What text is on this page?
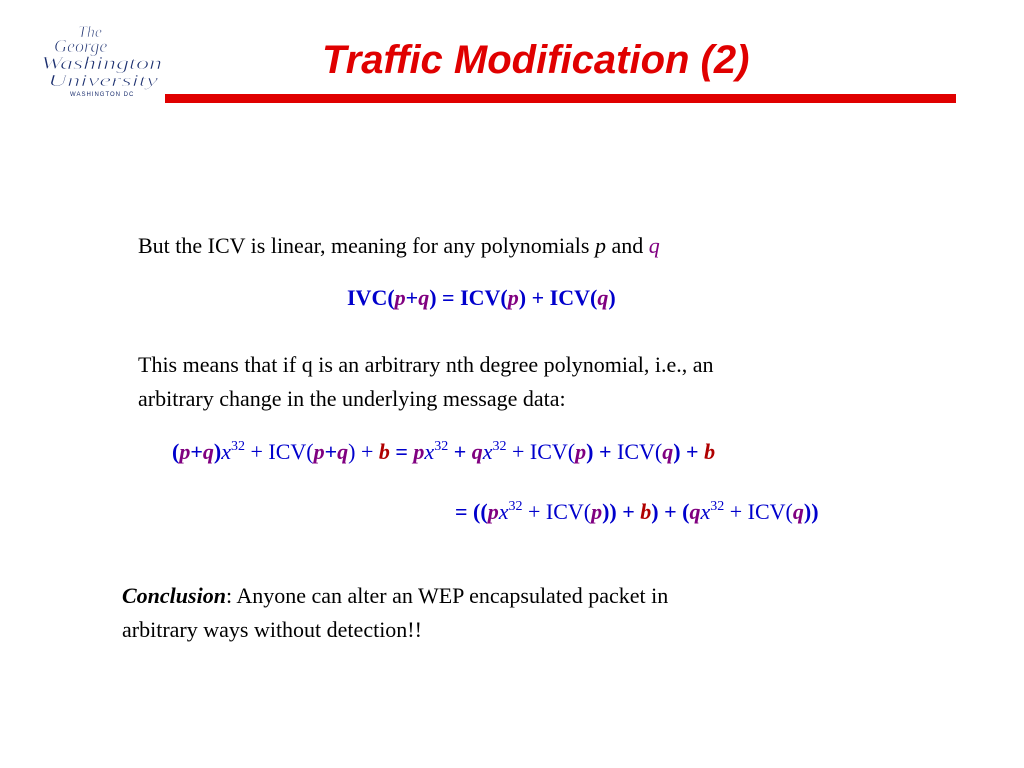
The
George
Washington
University
WASHINGTON DC
Traffic Modification (2)
But the ICV is linear, meaning for any polynomials p and q
IVC(p+q) = ICV(p) + ICV(q)
This means that if q is an arbitrary nth degree polynomial, i.e., an
arbitrary change in the underlying message data:
$(p+q)x^{32} + ICV(p+q) + b = px^{32} + qx^{32} + ICV(p) + ICV(q) + b$
= $((px^{32} + ICV(p)) + b) + (qx^{32} + ICV(q))$
Conclusion: Anyone can alter an WEP encapsulated packet in
arbitrary ways without detection!!
